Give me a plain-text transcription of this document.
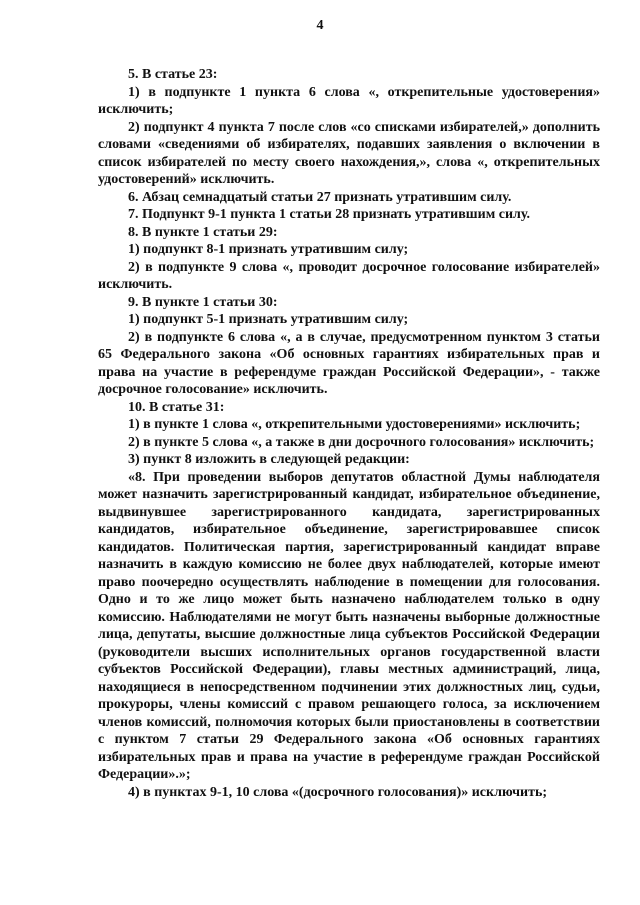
4

5. В статье 23:

1) в подпункте 1 пункта 6 слова «, открепительные удостоверения» исключить;

2) подпункт 4 пункта 7 после слов «со списками избирателей,» дополнить словами «сведениями об избирателях, подавших заявления о включении в список избирателей по месту своего нахождения,», слова «, открепительных удостоверений» исключить.

6. Абзац семнадцатый статьи 27 признать утратившим силу.

7. Подпункт 9-1 пункта 1 статьи 28 признать утратившим силу.

8. В пункте 1 статьи 29:

1) подпункт 8-1 признать утратившим силу;

2) в подпункте 9 слова «, проводит досрочное голосование избирателей» исключить.

9. В пункте 1 статьи 30:

1) подпункт 5-1 признать утратившим силу;

2) в подпункте 6 слова «, а в случае, предусмотренном пунктом 3 статьи 65 Федерального закона «Об основных гарантиях избирательных прав и права на участие в референдуме граждан Российской Федерации», - также досрочное голосование» исключить.

10. В статье 31:

1) в пункте 1 слова «, открепительными удостоверениями» исключить;

2) в пункте 5 слова «, а также в дни досрочного голосования» исключить;

3) пункт 8 изложить в следующей редакции:

«8. При проведении выборов депутатов областной Думы наблюдателя может назначить зарегистрированный кандидат, избирательное объединение, выдвинувшее зарегистрированного кандидата, зарегистрированных кандидатов, избирательное объединение, зарегистрировавшее список кандидатов. Политическая партия, зарегистрированный кандидат вправе назначить в каждую комиссию не более двух наблюдателей, которые имеют право поочередно осуществлять наблюдение в помещении для голосования. Одно и то же лицо может быть назначено наблюдателем только в одну комиссию. Наблюдателями не могут быть назначены выборные должностные лица, депутаты, высшие должностные лица субъектов Российской Федерации (руководители высших исполнительных органов государственной власти субъектов Российской Федерации), главы местных администраций, лица, находящиеся в непосредственном подчинении этих должностных лиц, судьи, прокуроры, члены комиссий с правом решающего голоса, за исключением членов комиссий, полномочия которых были приостановлены в соответствии с пунктом 7 статьи 29 Федерального закона «Об основных гарантиях избирательных прав и права на участие в референдуме граждан Российской Федерации».»;

4) в пунктах 9-1, 10 слова «(досрочного голосования)» исключить;
